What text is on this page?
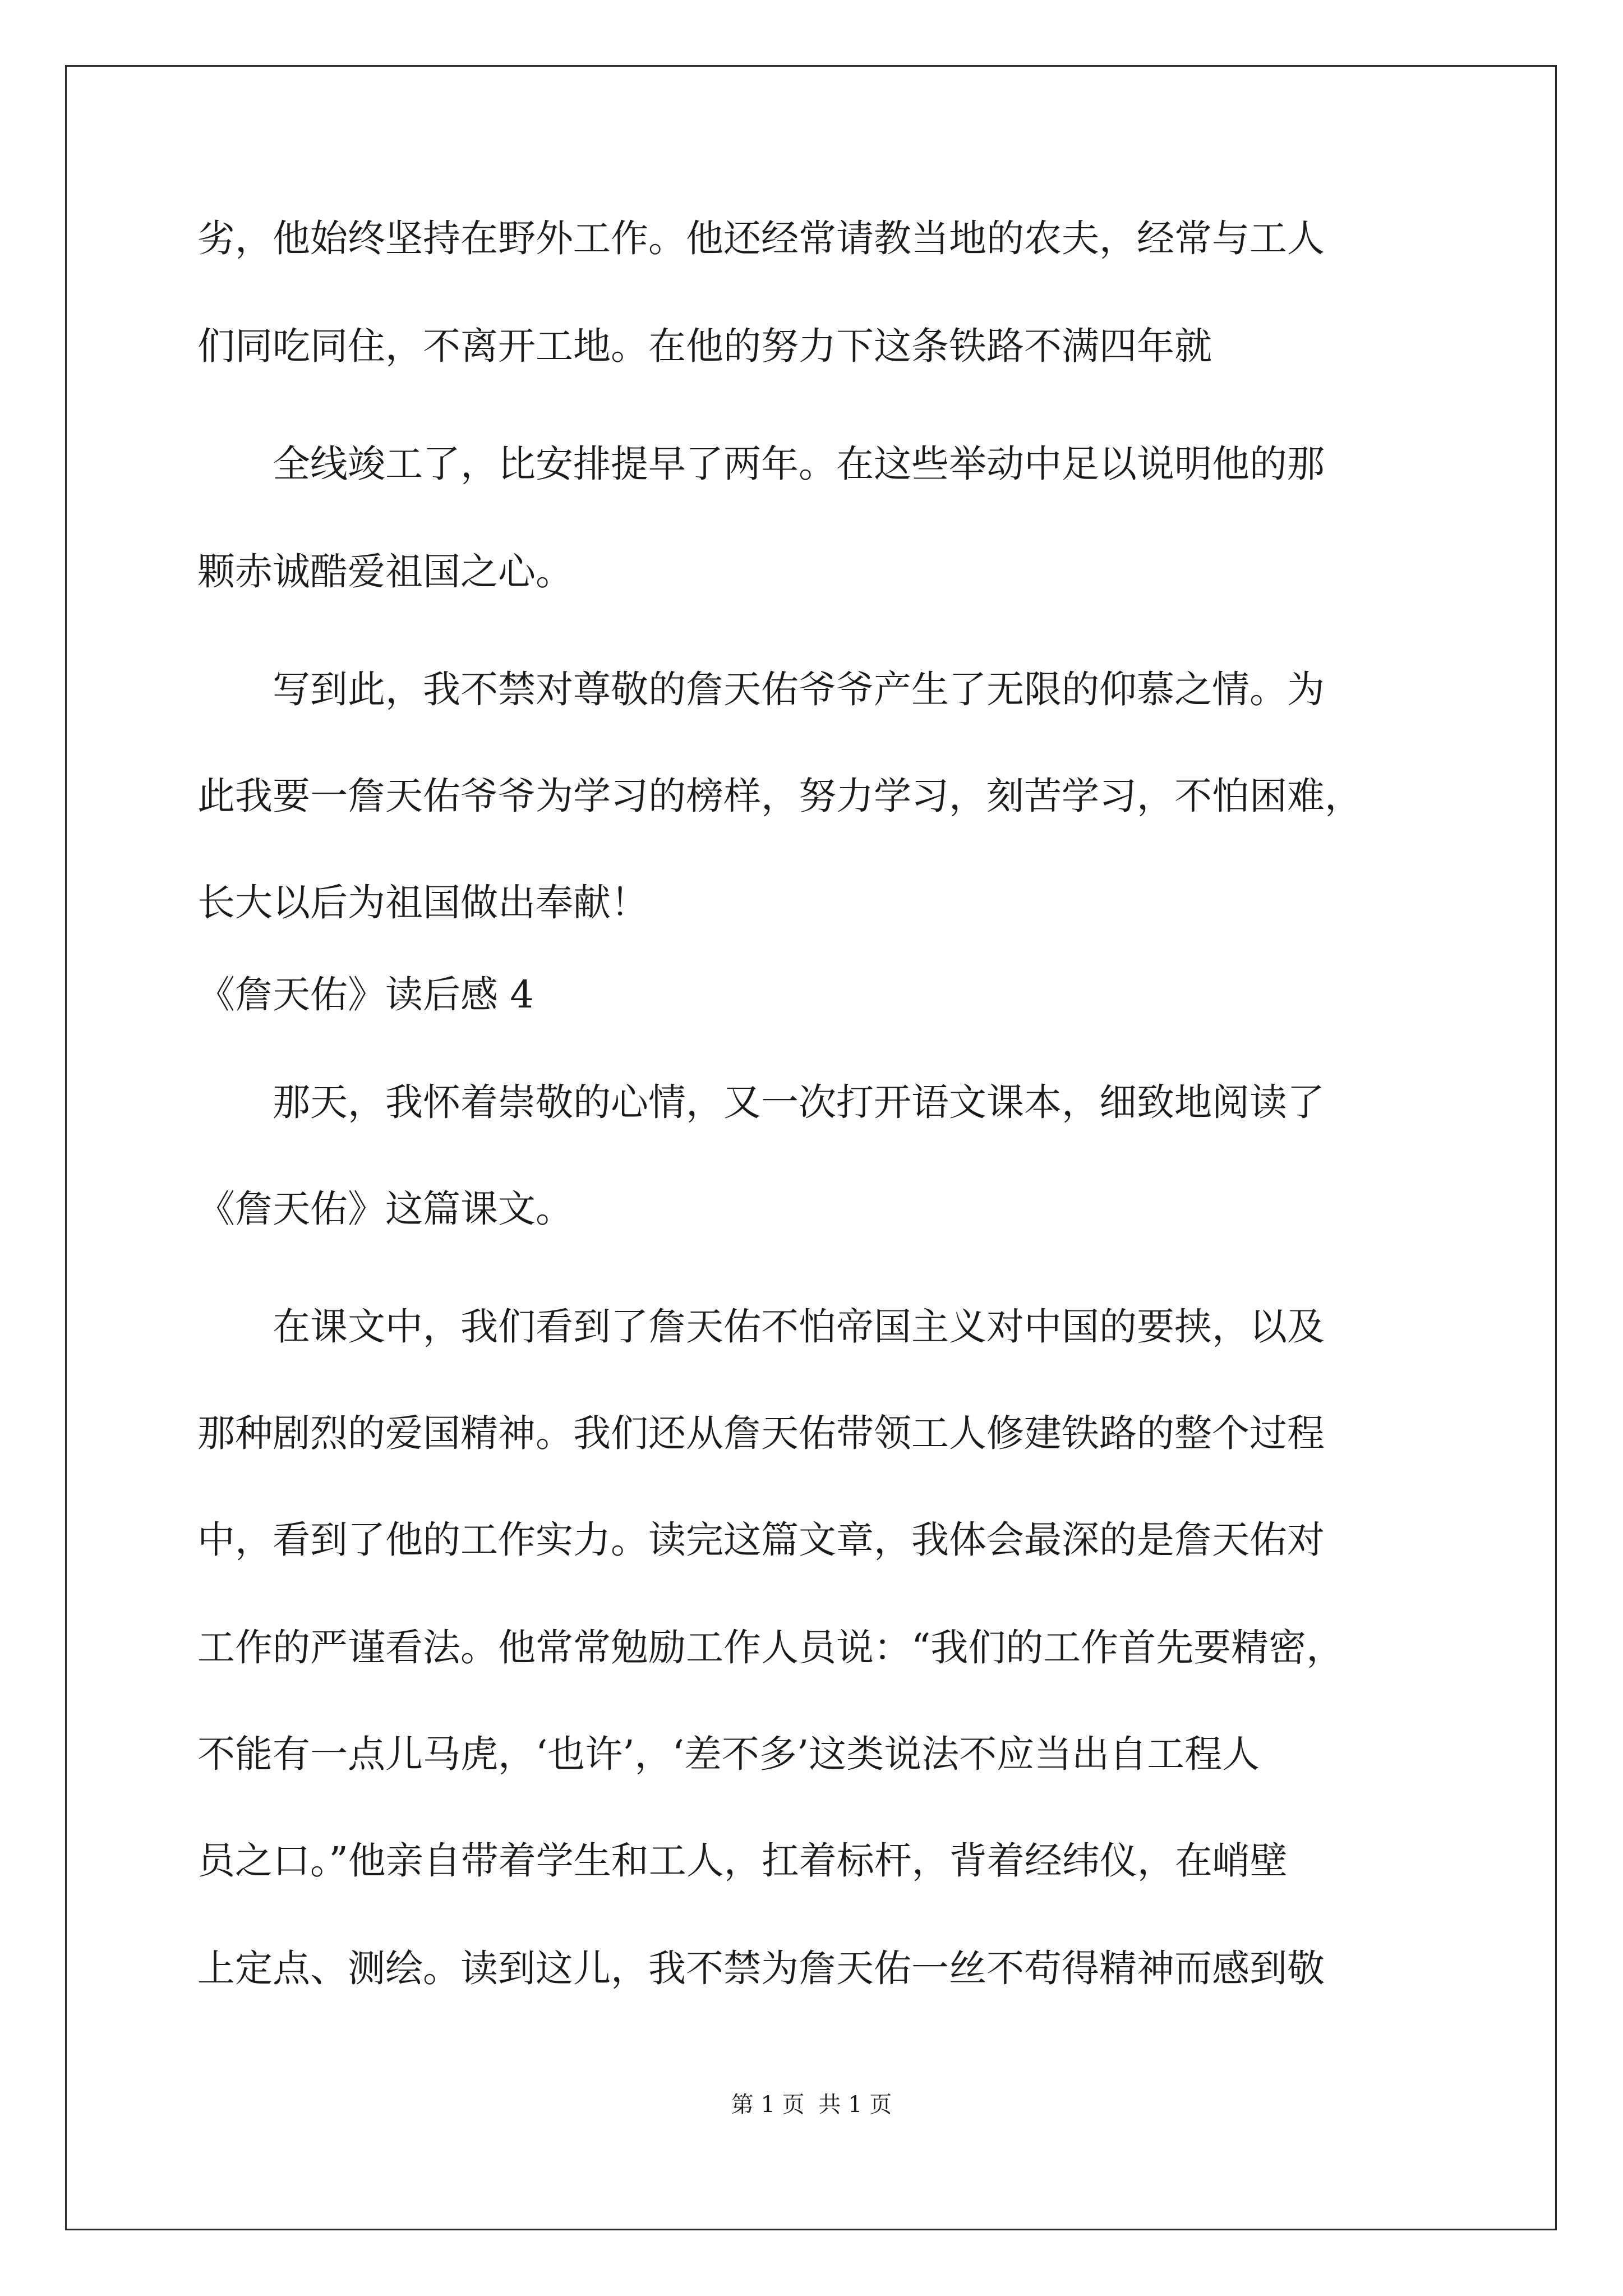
劣，他始终坚持在野外工作。他还经常请教当地的农夫，经常与工人
们同吃同住，不离开工地。在他的努力下这条铁路不满四年就
　　全线竣工了，比安排提早了两年。在这些举动中足以说明他的那
颗赤诚酷爱祖国之心。
　　写到此，我不禁对尊敬的詹天佑爷爷产生了无限的仰慕之情。为
此我要一詹天佑爷爷为学习的榜样，努力学习，刻苦学习，不怕困难，
长大以后为祖国做出奉献！
《詹天佑》读后感 4
　　那天，我怀着崇敬的心情，又一次打开语文课本，细致地阅读了
《詹天佑》这篇课文。
　　在课文中，我们看到了詹天佑不怕帝国主义对中国的要挟，以及
那种剧烈的爱国精神。我们还从詹天佑带领工人修建铁路的整个过程
中，看到了他的工作实力。读完这篇文章，我体会最深的是詹天佑对
工作的严谨看法。他常常勉励工作人员说：“我们的工作首先要精密，
不能有一点儿马虎，‘也许’，‘差不多’这类说法不应当出自工程人
员之口。”他亲自带着学生和工人，扛着标杆，背着经纬仪，在峭壁
上定点、测绘。读到这儿，我不禁为詹天佑一丝不苟得精神而感到敬
第 1 页 共 1 页
